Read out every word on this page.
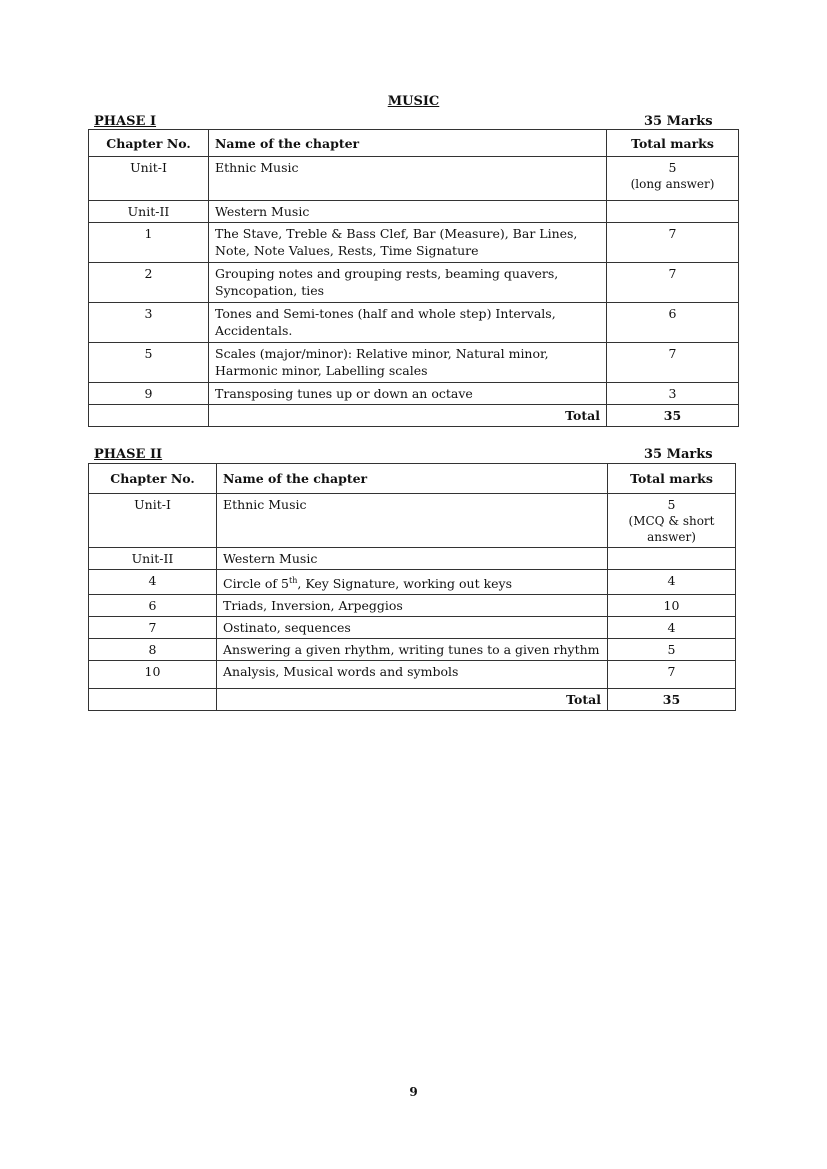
MUSIC
PHASE I	35 Marks
Chapter No.	Name of the chapter	Total marks
Unit-I	Ethnic Music	5
(long answer)

Unit-II	Western Music	
1	The Stave, Treble & Bass Clef, Bar (Measure), Bar Lines, Note, Note Values, Rests, Time Signature	7
2	Grouping notes and grouping rests, beaming quavers, Syncopation, ties	7
3	Tones and Semi-tones (half and whole step) Intervals, Accidentals.	6
5	Scales (major/minor): Relative minor, Natural minor, Harmonic minor, Labelling scales	7
9	Transposing tunes up or down an octave	3
	Total	35
PHASE II	35 Marks
Chapter No.	Name of the chapter	Total marks
Unit-I	Ethnic Music	5
(MCQ & short answer)

Unit-II	Western Music	
4	Circle of 5th, Key Signature, working out keys	4
6	Triads, Inversion, Arpeggios	10
7	Ostinato, sequences	4
8	Answering a given rhythm, writing tunes to a given rhythm	5
10	Analysis, Musical words and symbols	7
	Total	35
9
